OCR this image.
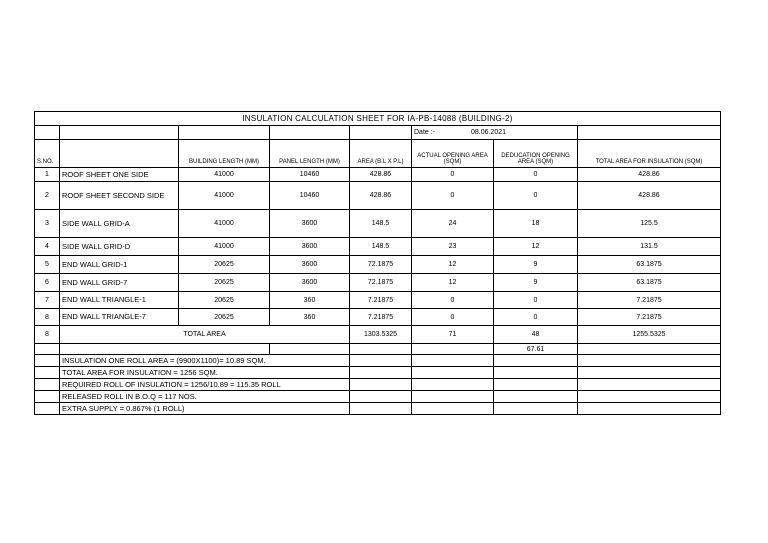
INSULATION CALCULATION SHEET FOR IA-PB-14088 (BUILDING-2)							
					Date :- 08.06.2021		
S.NO.		BUILDING LENGTH (MM)	PANEL LENGTH (MM)	AREA (B.L X P.L)	ACTUAL OPENING AREA (SQM)	DEDUCATION OPENING AREA (SQM)	TOTAL AREA FOR INSULATION (SQM)
1	ROOF SHEET ONE SIDE	41000	10460	428.86	0	0	428.86
2	ROOF SHEET SECOND SIDE	41000	10460	428.86	0	0	428.86
3	SIDE WALL GRID-A	41000	3600	148.5	24	18	125.5
4	SIDE WALL GRID-D	41000	3600	148.5	23	12	131.5
5	END WALL GRID-1	20625	3600	72.1875	12	9	63.1875
6	END WALL GRID-7	20625	3600	72.1875	12	9	63.1875
7	END WALL TRIANGLE-1	20625	360	7.21875	0	0	7.21875
8	END WALL TRIANGLE-7	20625	360	7.21875	0	0	7.21875
8	TOTAL AREA			1303.5325	71	48	1255.5325
						67.61	
	INSULATION ONE ROLL AREA = (9900X1100)= 10.89 SQM.						
	TOTAL AREA FOR INSULATION = 1256 SQM.						
	REQUIRED ROLL OF INSULATION = 1256/10.89 = 115.35 ROLL						
	RELEASED ROLL IN B.O.Q = 117 NOS.						
	EXTRA SUPPLY = 0.867% (1 ROLL)						
